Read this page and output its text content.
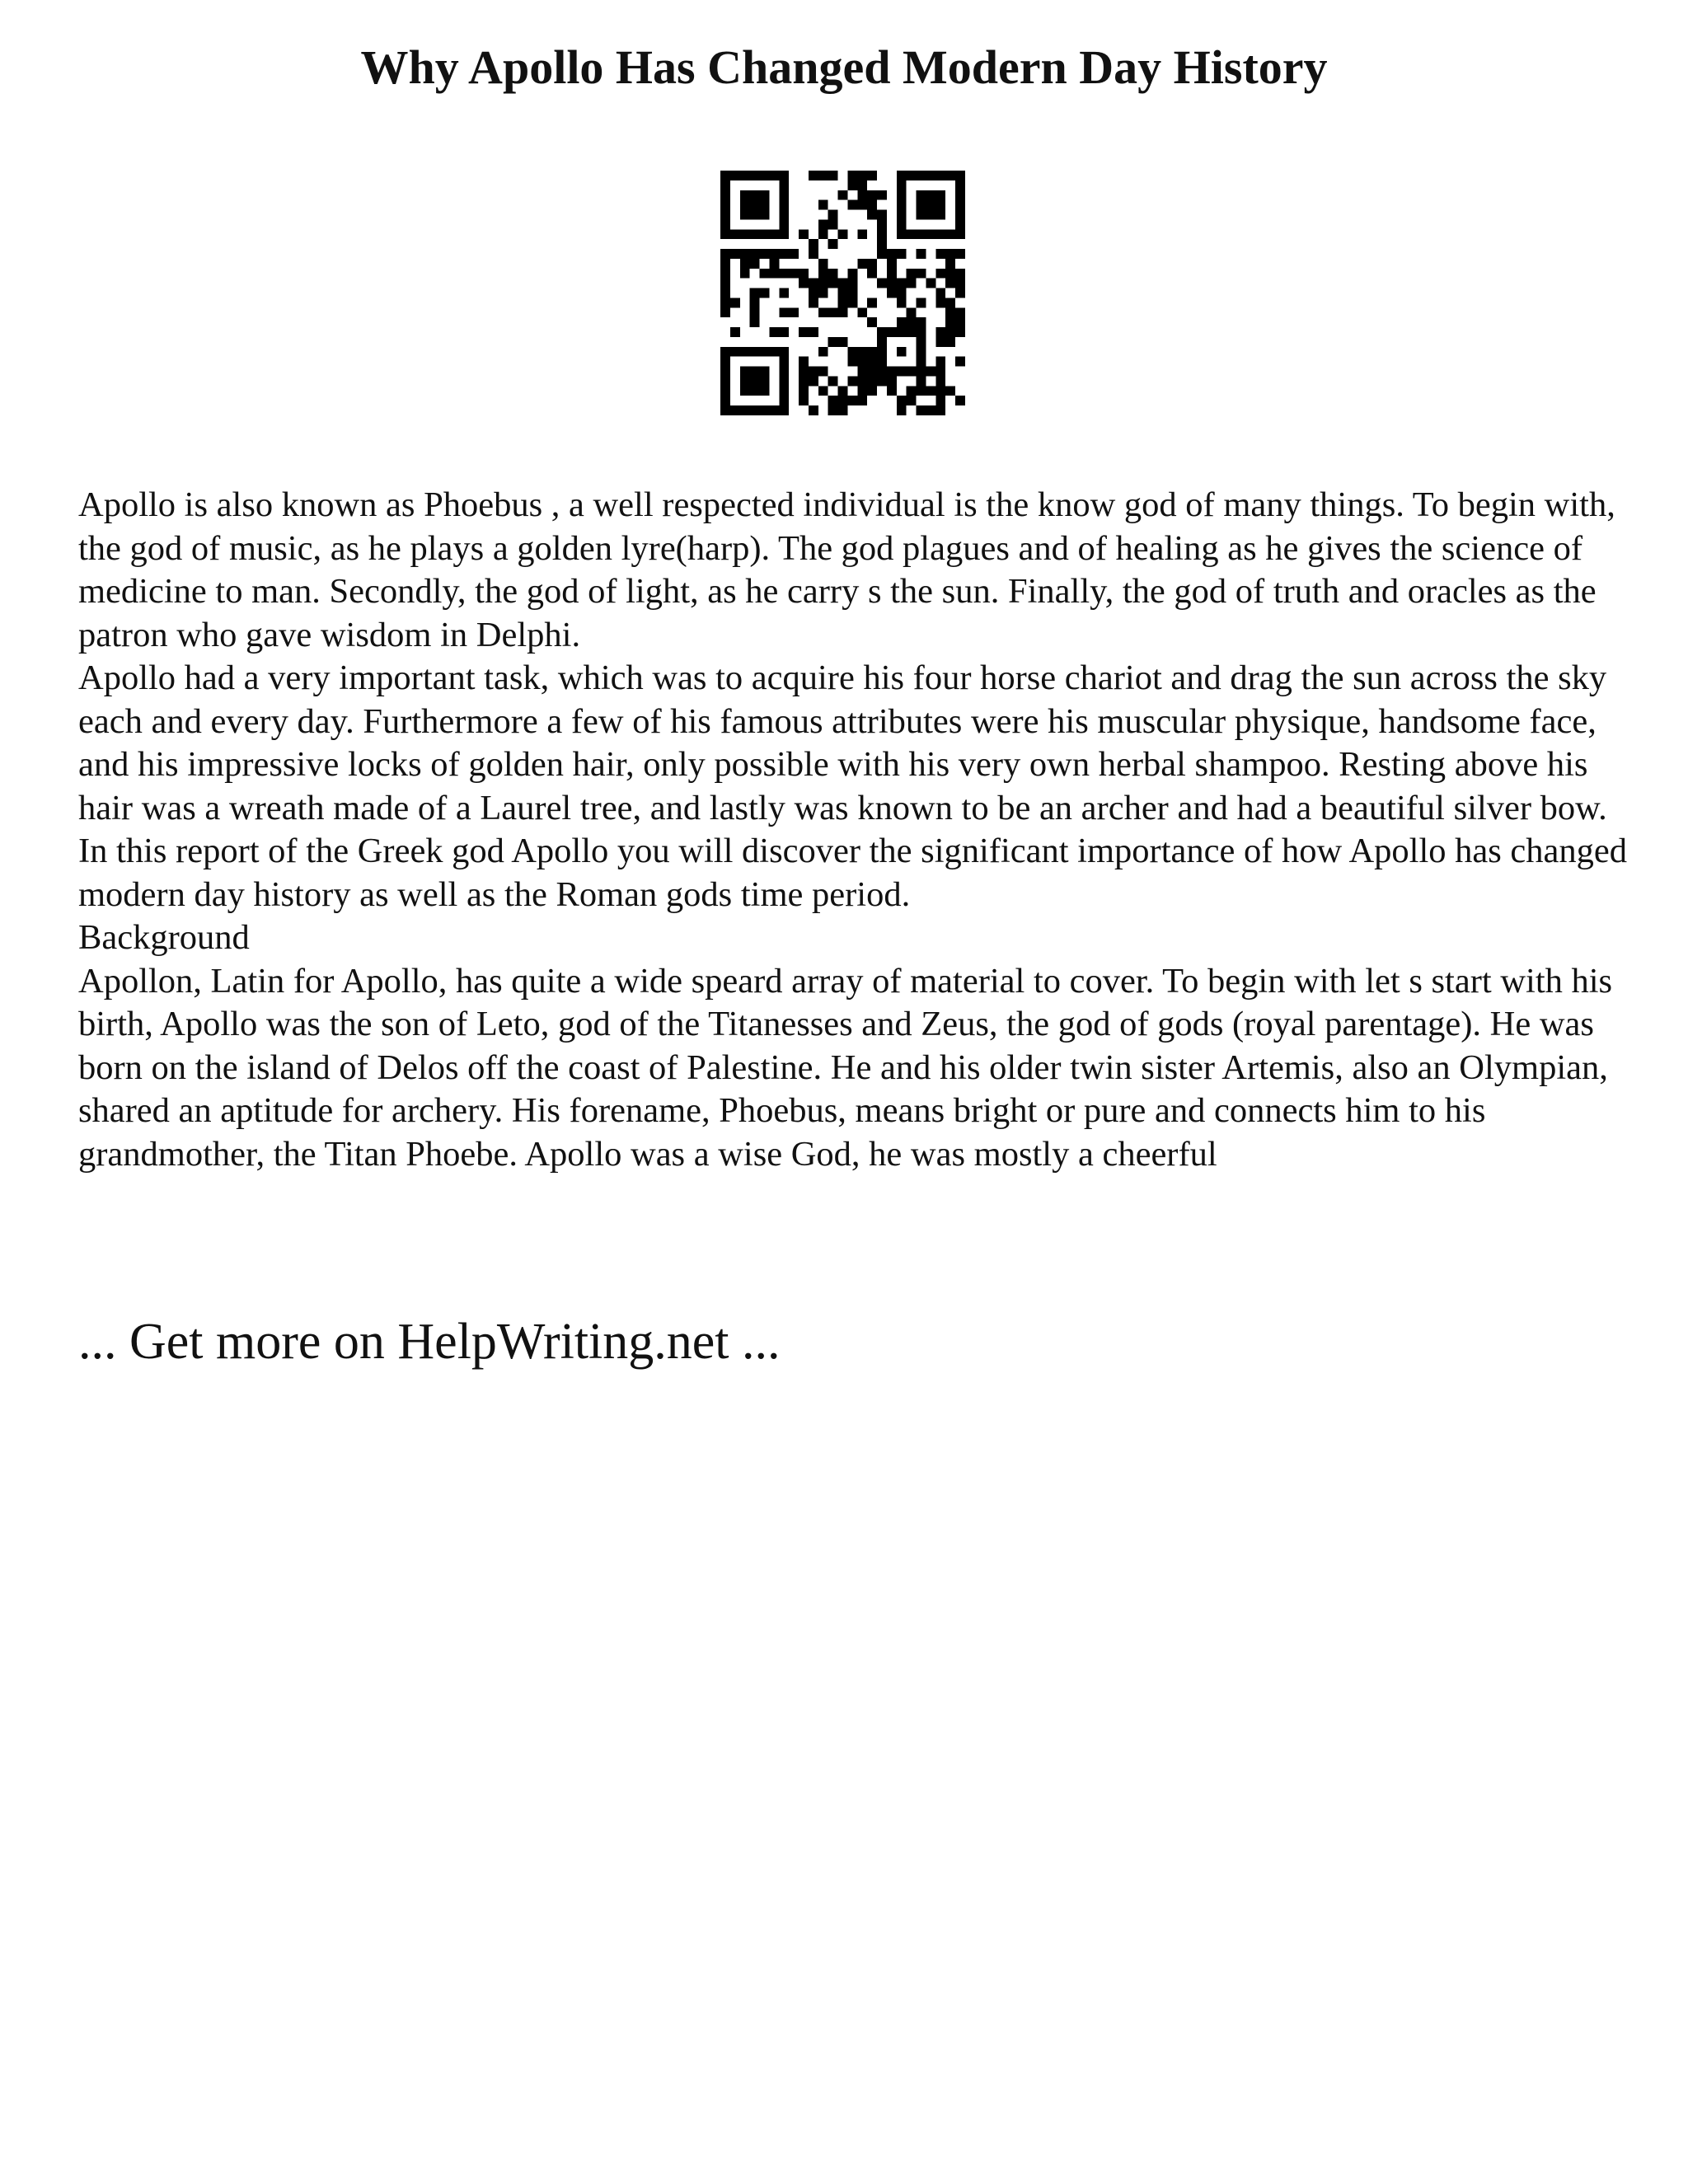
Why Apollo Has Changed Modern Day History

Apollo is also known as Phoebus , a well respected individual is the know god of many things. To begin with, the god of music, as he plays a golden lyre(harp). The god plagues and of healing as he gives the science of medicine to man. Secondly, the god of light, as he carry s the sun. Finally, the god of truth and oracles as the patron who gave wisdom in Delphi.

Apollo had a very important task, which was to acquire his four horse chariot and drag the sun across the sky each and every day. Furthermore a few of his famous attributes were his muscular physique, handsome face, and his impressive locks of golden hair, only possible with his very own herbal shampoo. Resting above his hair was a wreath made of a Laurel tree, and lastly was known to be an archer and had a beautiful silver bow. In this report of the Greek god Apollo you will discover the significant importance of how Apollo has changed modern day history as well as the Roman gods time period.

Background

Apollon, Latin for Apollo, has quite a wide speard array of material to cover. To begin with let s start with his birth, Apollo was the son of Leto, god of the Titanesses and Zeus, the god of gods (royal parentage). He was born on the island of Delos off the coast of Palestine. He and his older twin sister Artemis, also an Olympian, shared an aptitude for archery. His forename, Phoebus, means bright or pure and connects him to his grandmother, the Titan Phoebe. Apollo was a wise God, he was mostly a cheerful

... Get more on HelpWriting.net ...
